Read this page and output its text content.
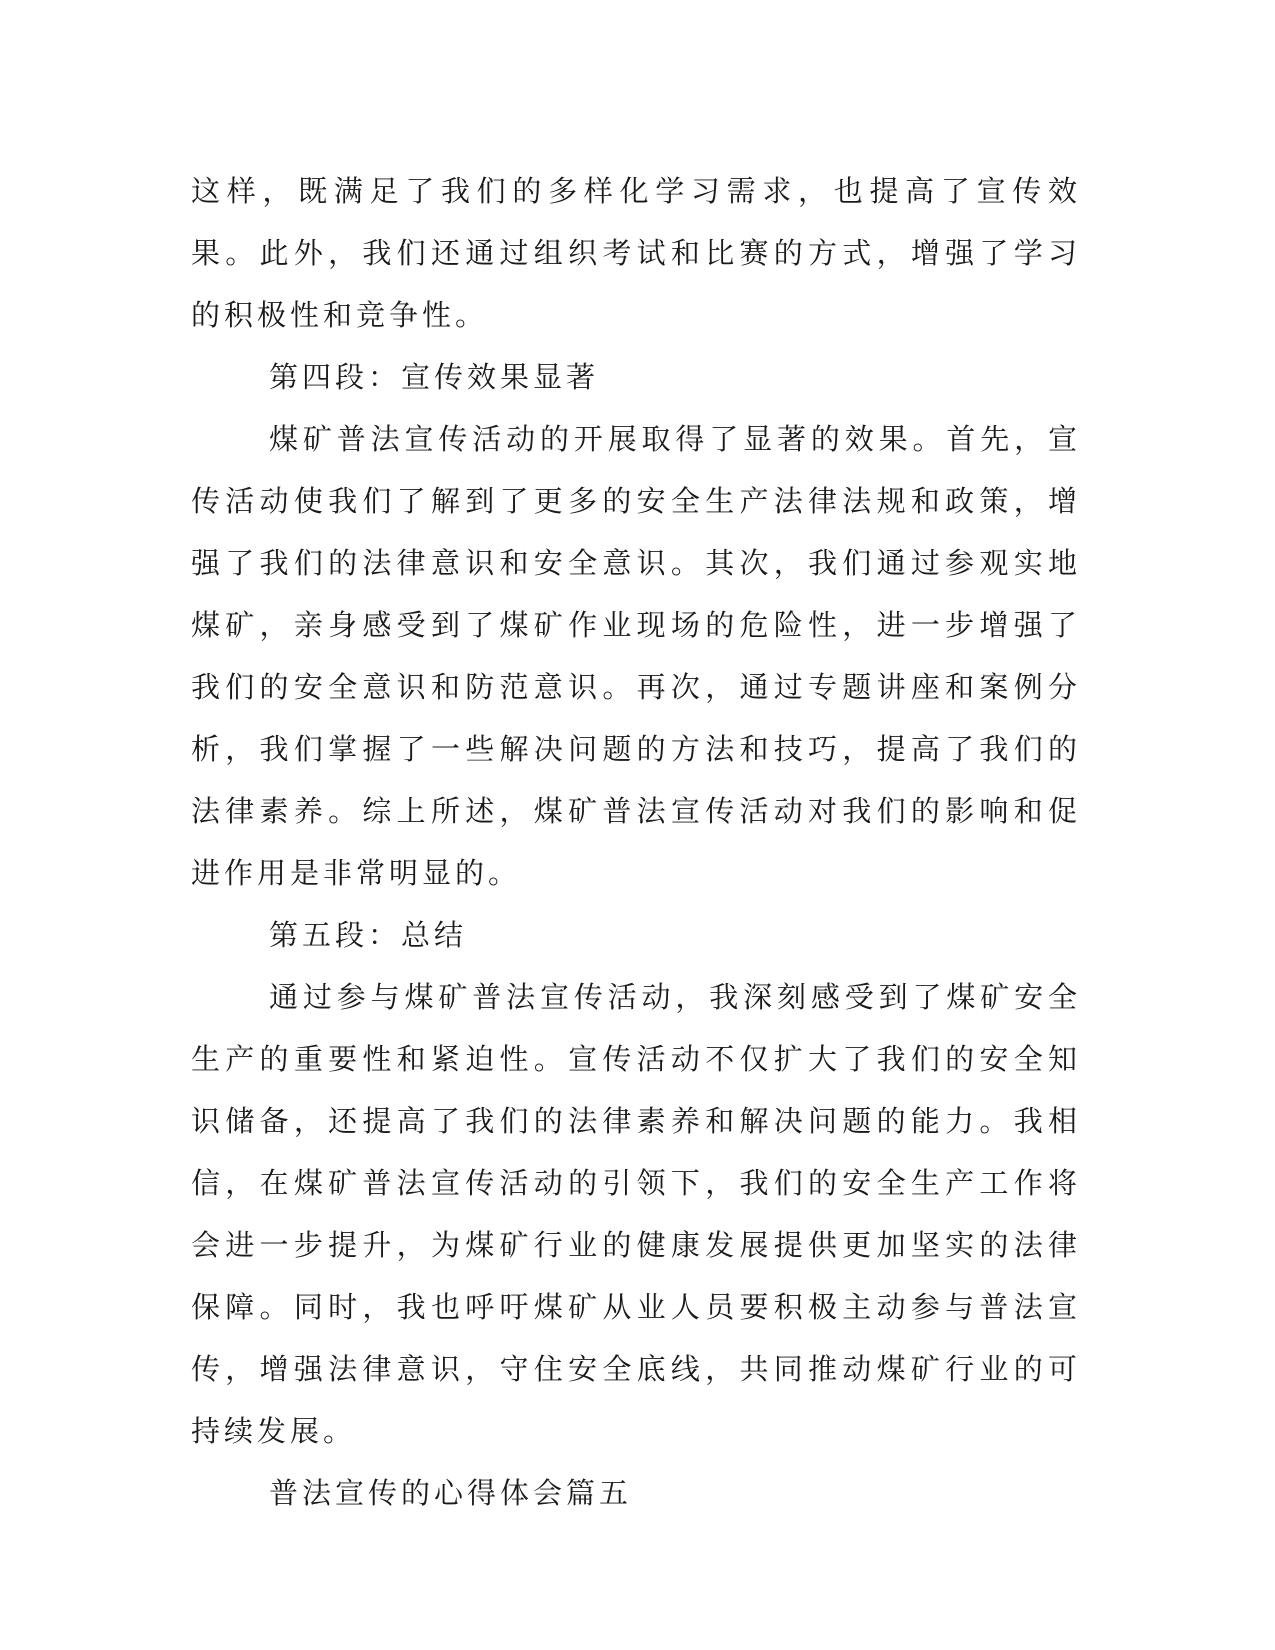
这样，既满足了我们的多样化学习需求，也提高了宣传效果。此外，我们还通过组织考试和比赛的方式，增强了学习的积极性和竞争性。

第四段：宣传效果显著

煤矿普法宣传活动的开展取得了显著的效果。首先，宣传活动使我们了解到了更多的安全生产法律法规和政策，增强了我们的法律意识和安全意识。其次，我们通过参观实地煤矿，亲身感受到了煤矿作业现场的危险性，进一步增强了我们的安全意识和防范意识。再次，通过专题讲座和案例分析，我们掌握了一些解决问题的方法和技巧，提高了我们的法律素养。综上所述，煤矿普法宣传活动对我们的影响和促进作用是非常明显的。

第五段：总结

通过参与煤矿普法宣传活动，我深刻感受到了煤矿安全生产的重要性和紧迫性。宣传活动不仅扩大了我们的安全知识储备，还提高了我们的法律素养和解决问题的能力。我相信，在煤矿普法宣传活动的引领下，我们的安全生产工作将会进一步提升，为煤矿行业的健康发展提供更加坚实的法律保障。同时，我也呼吁煤矿从业人员要积极主动参与普法宣传，增强法律意识，守住安全底线，共同推动煤矿行业的可持续发展。

普法宣传的心得体会篇五
